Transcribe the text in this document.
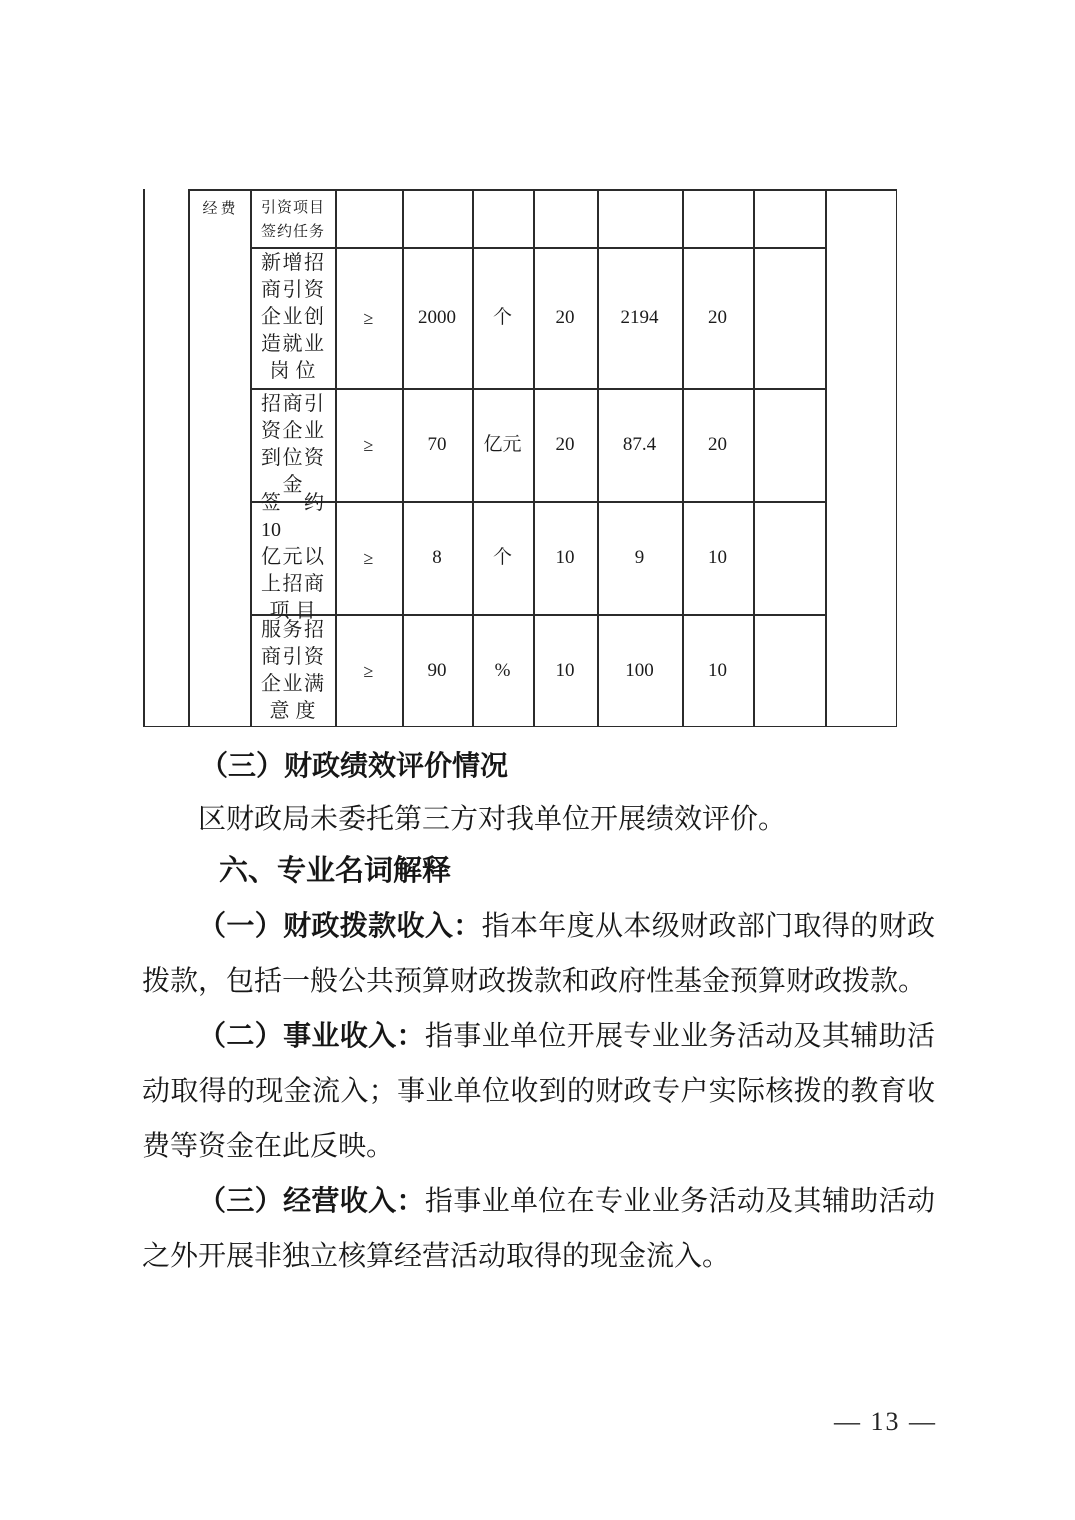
经费	引资项目
签约任务
新增招
商引资
企业创
造就业
岗位
≥	2000	个	20	2194	20
招商引
资企业
到位资
金
≥	70	亿元	20	87.4	20
签约 10
亿元以
上招商
项目
≥	8	个	10	9	10
服务招
商引资
企业满
意度
≥	90	%	10	100	10
（三）财政绩效评价情况
区财政局未委托第三方对我单位开展绩效评价。
六、专业名词解释
（一）财政拨款收入：指本年度从本级财政部门取得的财政拨款，包括一般公共预算财政拨款和政府性基金预算财政拨款。
（二）事业收入：指事业单位开展专业业务活动及其辅助活动取得的现金流入；事业单位收到的财政专户实际核拨的教育收费等资金在此反映。
（三）经营收入：指事业单位在专业业务活动及其辅助活动之外开展非独立核算经营活动取得的现金流入。
— 13 —
